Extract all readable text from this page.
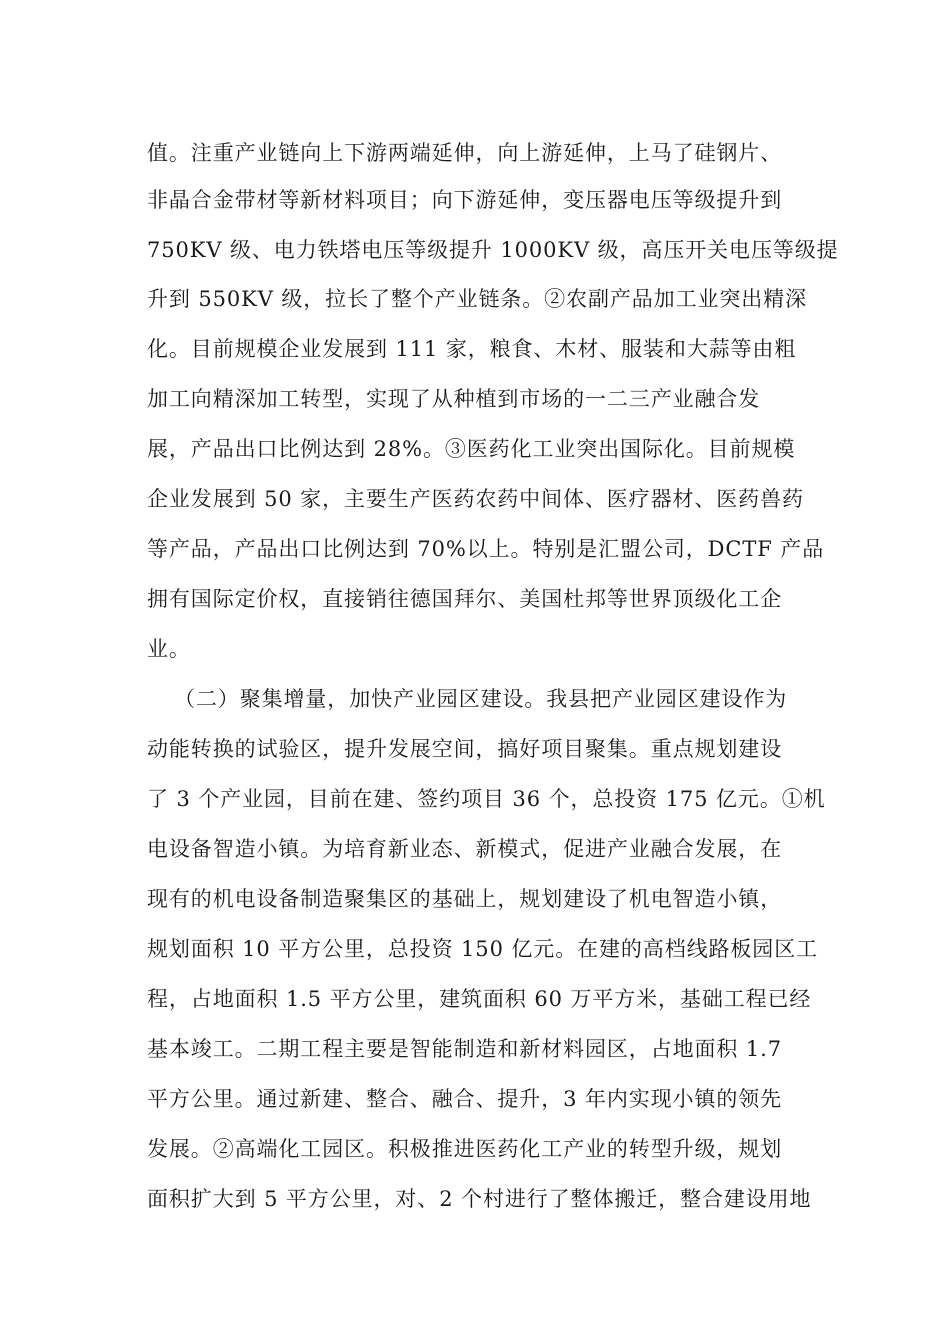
值。注重产业链向上下游两端延伸，向上游延伸，上马了硅钢片、
非晶合金带材等新材料项目；向下游延伸，变压器电压等级提升到
750KV 级、电力铁塔电压等级提升 1000KV 级，高压开关电压等级提
升到 550KV 级，拉长了整个产业链条。②农副产品加工业突出精深
化。目前规模企业发展到 111 家，粮食、木材、服装和大蒜等由粗
加工向精深加工转型，实现了从种植到市场的一二三产业融合发
展，产品出口比例达到 28%。③医药化工业突出国际化。目前规模
企业发展到 50 家，主要生产医药农药中间体、医疗器材、医药兽药
等产品，产品出口比例达到 70%以上。特别是汇盟公司，DCTF 产品
拥有国际定价权，直接销往德国拜尔、美国杜邦等世界顶级化工企
业。
（二）聚集增量，加快产业园区建设。我县把产业园区建设作为
动能转换的试验区，提升发展空间，搞好项目聚集。重点规划建设
了 3 个产业园，目前在建、签约项目 36 个，总投资 175 亿元。①机
电设备智造小镇。为培育新业态、新模式，促进产业融合发展，在
现有的机电设备制造聚集区的基础上，规划建设了机电智造小镇，
规划面积 10 平方公里，总投资 150 亿元。在建的高档线路板园区工
程，占地面积 1.5 平方公里，建筑面积 60 万平方米，基础工程已经
基本竣工。二期工程主要是智能制造和新材料园区，占地面积 1.7
平方公里。通过新建、整合、融合、提升，3 年内实现小镇的领先
发展。②高端化工园区。积极推进医药化工产业的转型升级，规划
面积扩大到 5 平方公里，对、2 个村进行了整体搬迁，整合建设用地
